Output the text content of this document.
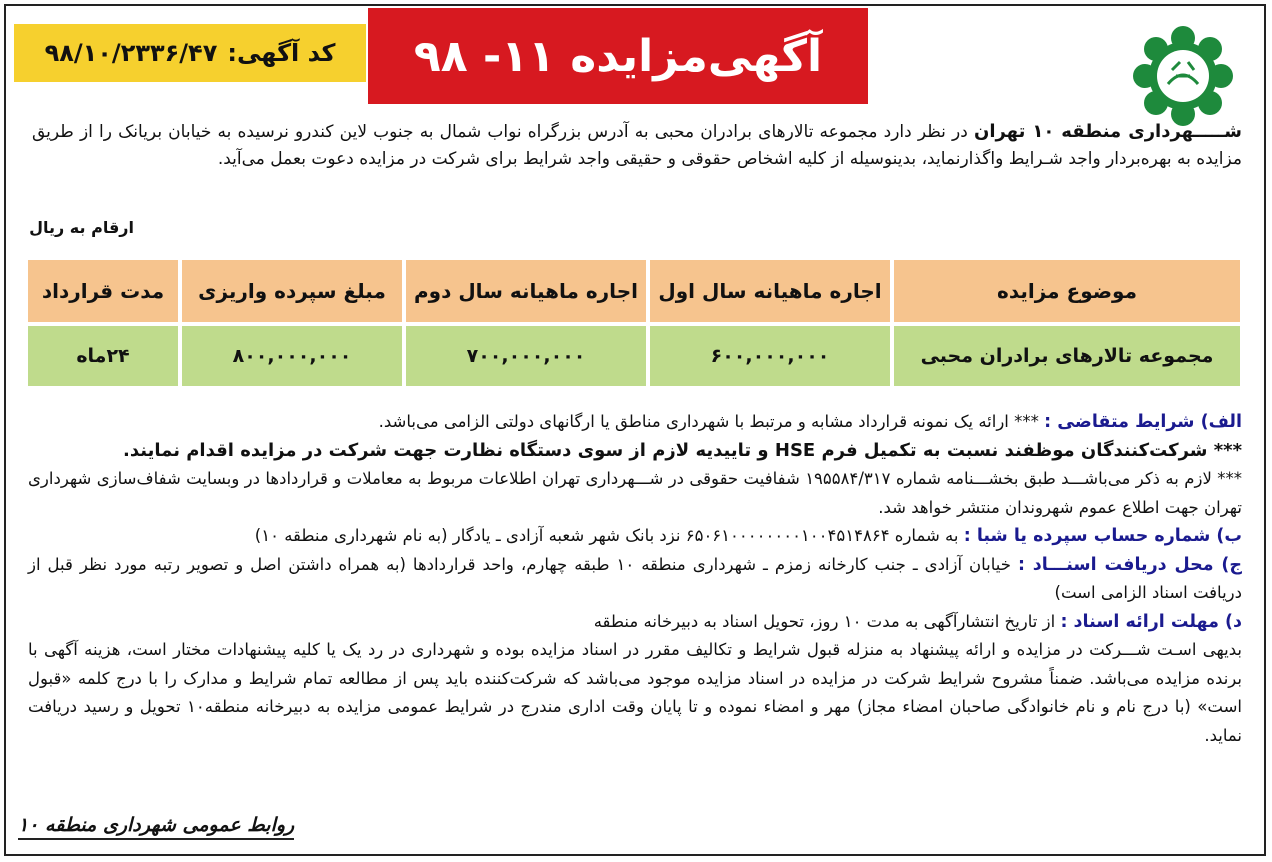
آگهی‌مزایده ۱۱- ۹۸
کد آگهی:
۹۸/۱۰/۲۳۳۶/۴۷
شـــــهرداری منطقه ۱۰ تهران در نظر دارد مجموعه تالارهای برادران محبی به آدرس بزرگراه نواب شمال به جنوب لاین کندرو نرسیده به خیابان بریانک را از طریق مزایده به بهره‌بردار واجد شـرایط واگذارنماید، بدینوسیله از کلیه اشخاص حقوقی و حقیقی واجد شرایط برای شرکت در مزایده دعوت بعمل می‌آید.
ارقام به ریال
موضوع مزایده	اجاره ماهیانه سال اول	اجاره ماهیانه سال دوم	مبلغ سپرده واریزی	مدت قرارداد
مجموعه تالارهای برادران محبی	۶۰۰,۰۰۰,۰۰۰	۷۰۰,۰۰۰,۰۰۰	۸۰۰,۰۰۰,۰۰۰	۲۴ماه

الف) شرایط متقاضی : *** ارائه یک نمونه قرارداد مشابه و مرتبط با شهرداری مناطق یا ارگانهای دولتی الزامی می‌باشد.

*** شرکت‌کنندگان موظفند نسبت به تکمیل فرم HSE و تاییدیه لازم از سوی دستگاه نظارت جهت شرکت در مزایده اقدام نمایند.

*** لازم به ذکر می‌باشـــد طبق بخشـــنامه شماره ۱۹۵۵۸۴/۳۱۷ شفافیت حقوقی در شـــهرداری تهران اطلاعات مربوط به معاملات و قراردادها در وبسایت شفاف‌سازی شهرداری تهران جهت اطلاع عموم شهروندان منتشر خواهد شد.

ب) شماره حساب سپرده یا شبا : به شماره ۶۵۰۶۱۰۰۰۰۰۰۰۰۱۰۰۴۵۱۴۸۶۴ نزد بانک شهر شعبه آزادی ـ یادگار (به نام شهرداری منطقه ۱۰)

ج) محل دریافت اسنـــاد : خیابان آزادی ـ جنب کارخانه زمزم ـ شهرداری منطقه ۱۰ طبقه چهارم، واحد قراردادها (به همراه داشتن اصل و تصویر رتبه مورد نظر قبل از دریافت اسناد الزامی است)

د) مهلت ارائه اسناد : از تاریخ انتشارآگهی به مدت ۱۰ روز، تحویل اسناد به دبیرخانه منطقه

بدیهی اسـت شـــرکت در مزایده و ارائه پیشنهاد به منزله قبول شرایط و تکالیف مقرر در اسناد مزایده بوده و شهرداری در رد یک یا کلیه پیشنهادات مختار است، هزینه آگهی با برنده مزایده می‌باشد. ضمناً مشروح شرایط شرکت در مزایده در اسناد مزایده موجود می‌باشد که شرکت‌کننده باید پس از مطالعه تمام شرایط و مدارک را با درج کلمه «قبول است» (با درج نام و نام خانوادگی صاحبان امضاء مجاز) مهر و امضاء نموده و تا پایان وقت اداری مندرج در شرایط عمومی مزایده به دبیرخانه منطقه۱۰ تحویل و رسید دریافت نماید.

روابط عمومی شهرداری منطقه ۱۰
